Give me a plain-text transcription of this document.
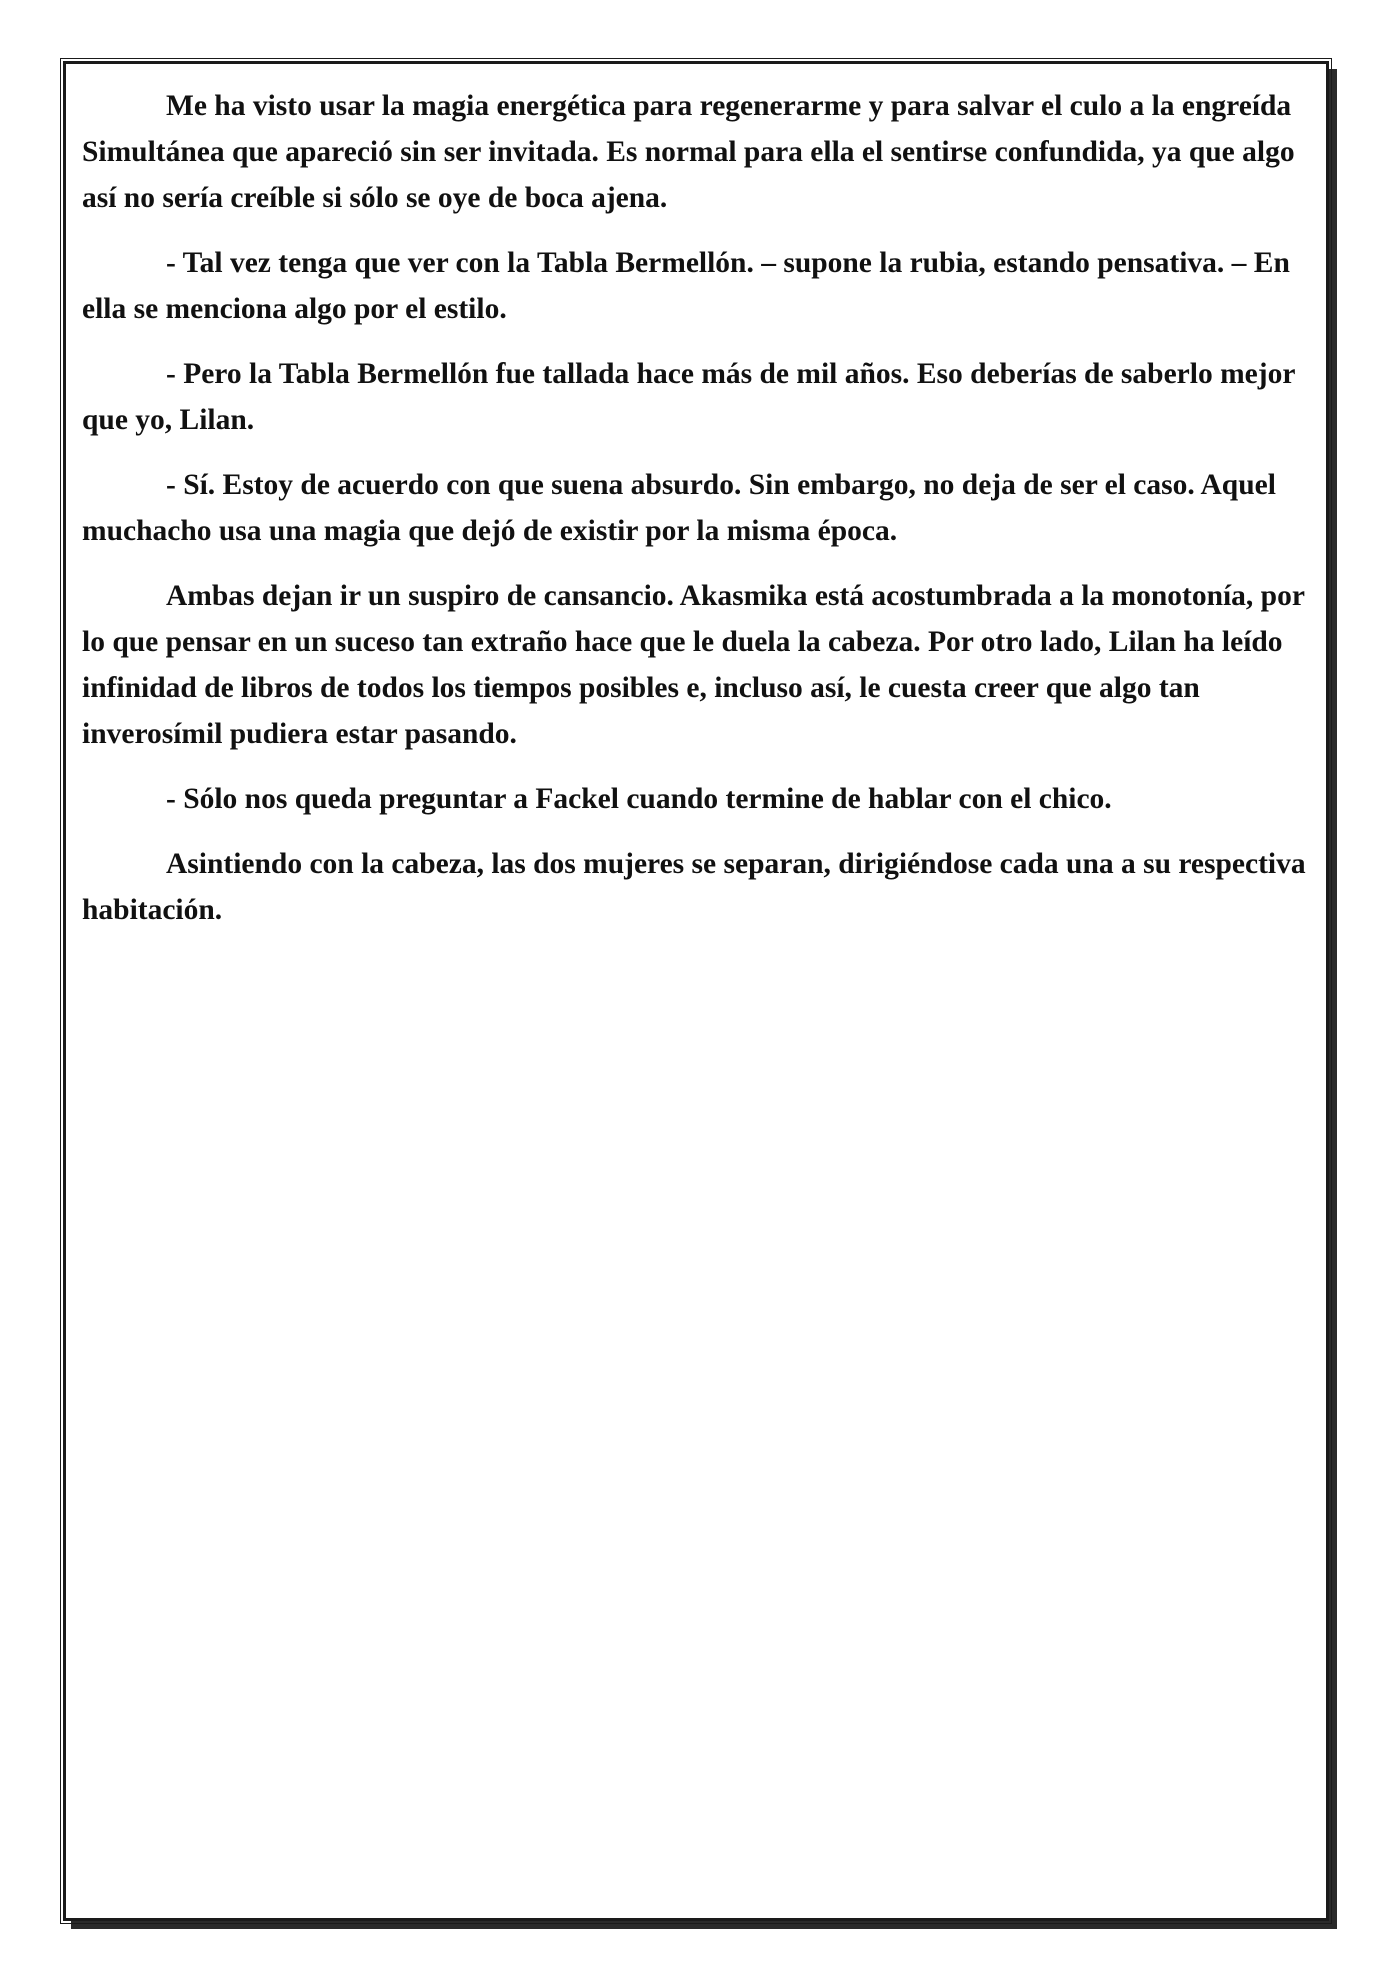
Me ha visto usar la magia energética para regenerarme y para salvar el culo a la engreída Simultánea que apareció sin ser invitada. Es normal para ella el sentirse confundida, ya que algo así no sería creíble si sólo se oye de boca ajena.

- Tal vez tenga que ver con la Tabla Bermellón. – supone la rubia, estando pensativa. – En ella se menciona algo por el estilo.

- Pero la Tabla Bermellón fue tallada hace más de mil años. Eso deberías de saberlo mejor que yo, Lilan.

- Sí. Estoy de acuerdo con que suena absurdo. Sin embargo, no deja de ser el caso. Aquel muchacho usa una magia que dejó de existir por la misma época.

Ambas dejan ir un suspiro de cansancio. Akasmika está acostumbrada a la monotonía, por lo que pensar en un suceso tan extraño hace que le duela la cabeza. Por otro lado, Lilan ha leído infinidad de libros de todos los tiempos posibles e, incluso así, le cuesta creer que algo tan inverosímil pudiera estar pasando.

- Sólo nos queda preguntar a Fackel cuando termine de hablar con el chico.

Asintiendo con la cabeza, las dos mujeres se separan, dirigiéndose cada una a su respectiva habitación.
